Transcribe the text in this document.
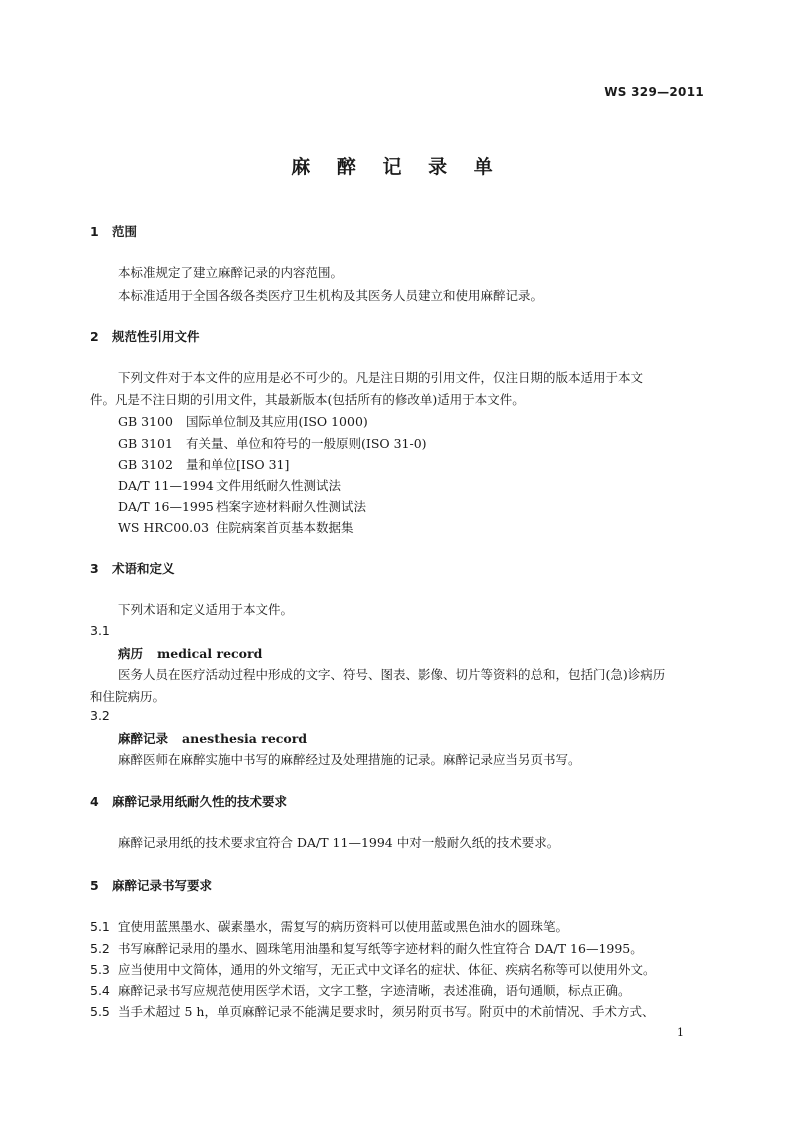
WS 329—2011
麻 醉 记 录 单
1 范围
本标准规定了建立麻醉记录的内容范围。
本标准适用于全国各级各类医疗卫生机构及其医务人员建立和使用麻醉记录。
2 规范性引用文件
下列文件对于本文件的应用是必不可少的。凡是注日期的引用文件，仅注日期的版本适用于本文
件。凡是不注日期的引用文件，其最新版本(包括所有的修改单)适用于本文件。
GB 3100 国际单位制及其应用(ISO 1000)
GB 3101 有关量、单位和符号的一般原则(ISO 31-0)
GB 3102 量和单位[ISO 31]
DA/T 11—1994 文件用纸耐久性测试法
DA/T 16—1995 档案字迹材料耐久性测试法
WS HRC00.03 住院病案首页基本数据集
3 术语和定义
下列术语和定义适用于本文件。
3.1
病历 medical record
医务人员在医疗活动过程中形成的文字、符号、图表、影像、切片等资料的总和，包括门(急)诊病历
和住院病历。
3.2
麻醉记录 anesthesia record
麻醉医师在麻醉实施中书写的麻醉经过及处理措施的记录。麻醉记录应当另页书写。
4 麻醉记录用纸耐久性的技术要求
麻醉记录用纸的技术要求宜符合 DA/T 11—1994 中对一般耐久纸的技术要求。
5 麻醉记录书写要求
5.1 宜使用蓝黑墨水、碳素墨水，需复写的病历资料可以使用蓝或黑色油水的圆珠笔。
5.2 书写麻醉记录用的墨水、圆珠笔用油墨和复写纸等字迹材料的耐久性宜符合 DA/T 16—1995。
5.3 应当使用中文简体，通用的外文缩写，无正式中文译名的症状、体征、疾病名称等可以使用外文。
5.4 麻醉记录书写应规范使用医学术语，文字工整，字迹清晰，表述准确，语句通顺，标点正确。
5.5 当手术超过 5 h，单页麻醉记录不能满足要求时，须另附页书写。附页中的术前情况、手术方式、
1
